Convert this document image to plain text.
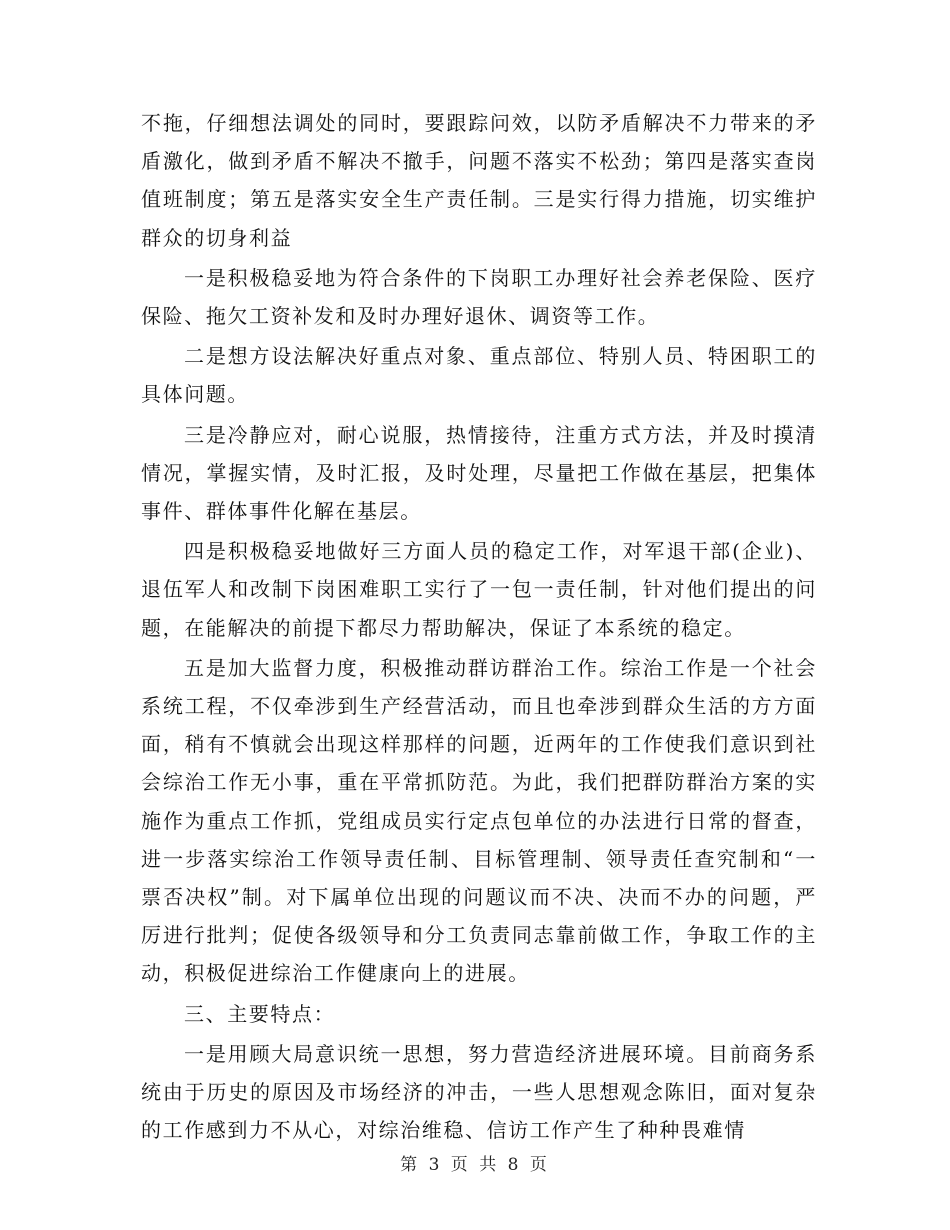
不拖，仔细想法调处的同时，要跟踪问效，以防矛盾解决不力带来的矛盾激化，做到矛盾不解决不撤手，问题不落实不松劲；第四是落实查岗值班制度；第五是落实安全生产责任制。三是实行得力措施，切实维护群众的切身利益

一是积极稳妥地为符合条件的下岗职工办理好社会养老保险、医疗保险、拖欠工资补发和及时办理好退休、调资等工作。

二是想方设法解决好重点对象、重点部位、特别人员、特困职工的具体问题。

三是冷静应对，耐心说服，热情接待，注重方式方法，并及时摸清情况，掌握实情，及时汇报，及时处理，尽量把工作做在基层，把集体事件、群体事件化解在基层。

四是积极稳妥地做好三方面人员的稳定工作，对军退干部(企业)、退伍军人和改制下岗困难职工实行了一包一责任制，针对他们提出的问题，在能解决的前提下都尽力帮助解决，保证了本系统的稳定。

五是加大监督力度，积极推动群访群治工作。综治工作是一个社会系统工程，不仅牵涉到生产经营活动，而且也牵涉到群众生活的方方面面，稍有不慎就会出现这样那样的问题，近两年的工作使我们意识到社会综治工作无小事，重在平常抓防范。为此，我们把群防群治方案的实施作为重点工作抓，党组成员实行定点包单位的办法进行日常的督查，进一步落实综治工作领导责任制、目标管理制、领导责任查究制和“一票否决权”制。对下属单位出现的问题议而不决、决而不办的问题，严厉进行批判；促使各级领导和分工负责同志靠前做工作，争取工作的主动，积极促进综治工作健康向上的进展。

三、主要特点：

一是用顾大局意识统一思想，努力营造经济进展环境。目前商务系统由于历史的原因及市场经济的冲击，一些人思想观念陈旧，面对复杂的工作感到力不从心，对综治维稳、信访工作产生了种种畏难情

第 3 页 共 8 页
